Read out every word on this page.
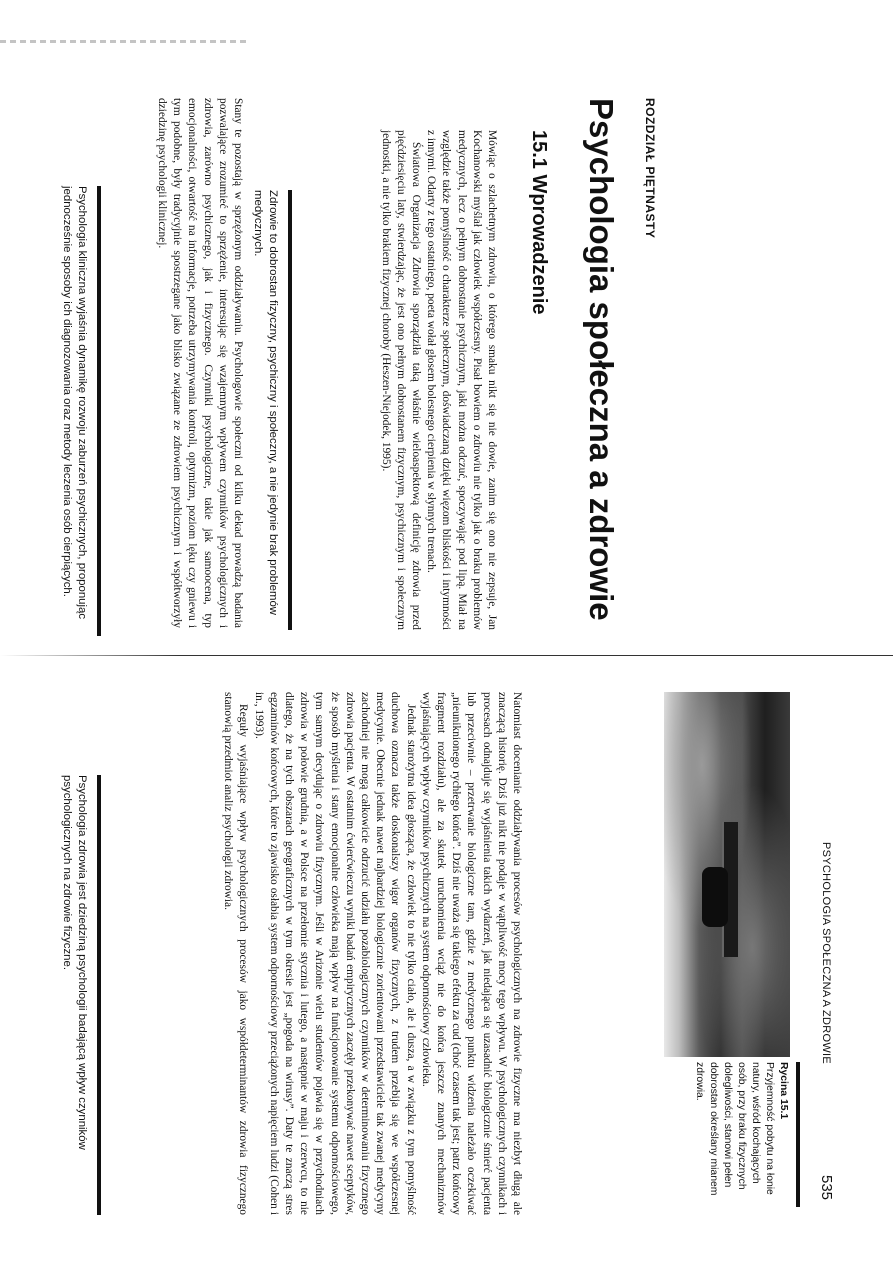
ROZDZIAŁ PIĘTNASTY
Psychologia społeczna a zdrowie
15.1 Wprowadzenie

Mówiąc o szlachetnym zdrowiu, o którego smaku nikt się nie dowie, zanim się ono nie zepsuje, Jan Kochanowski myślał jak człowiek współczesny. Pisał bowiem o zdrowiu nie tylko jak o braku problemów medycznych, lecz o pełnym dobrostanie psychicznym, jaki można odczuć, spoczywając pod lipą. Miał na względzie także pomyślność o charakterze społecznym, doświadczaną dzięki więzom bliskości i intymności z innymi. Odarty z tego ostatniego, poeta wołał głosem bolesnego cierpienia w słynnych trenach.

Światowa Organizacja Zdrowia sporządziła taką właśnie wieloaspektową definicję zdrowia przed pięćdziesięciu laty, stwierdzając, że jest ono pełnym dobrostanem fizycznym, psychicznym i społecznym jednostki, a nie tylko brakiem fizycznej choroby (Heszen-Niejodek, 1995).

Zdrowie to dobrostan fizyczny, psychiczny i społeczny, a nie jedynie brak problemów medycznych.

Stany te pozostają w sprzężonym oddziaływaniu. Psychologowie społeczni od kilku dekad prowadzą badania pozwalające zrozumieć to sprzężenie, interesując się wzajemnym wpływem czynników psychologicznych i zdrowia, zarówno psychicznego, jak i fizycznego. Czynniki psychologiczne, takie jak samoocena, typ emocjonalności, otwartość na informacje, potrzeba utrzymywania kontroli, optymizm, poziom lęku czy gniewu i tym podobne, były tradycyjnie spostrzegane jako blisko związane ze zdrowiem psychicznym i współtworzyły dziedzinę psychologii klinicznej.

Psychologia kliniczna wyjaśnia dynamikę rozwoju zaburzeń psychicznych, proponując jednocześnie sposoby ich diagnozowania oraz metody leczenia osób cierpiących.
PSYCHOLOGIA SPOŁECZNA A ZDROWIE
535
Rycina 15.1
Przyjemność pobytu na łonie natury, wśród kochających osób, przy braku fizycznych dolegliwości, stanowi pełen dobrostan określany mianem zdrowia.

Natomiast docenianie oddziaływania procesów psychologicznych na zdrowie fizyczne ma niezbyt długą ale znaczącą historię. Dziś już nikt nie podaje w wątpliwość mocy tego wpływu. W psychologicznych czynnikach i procesach odnajduje się wyjaśnienia takich wydarzeń, jak niedająca się uzasadnić biologicznie śmierć pacjenta lub przeciwnie – przetrwanie biologiczne tam, gdzie z medycznego punktu widzenia należało oczekiwać „nieuniknionego rychłego końca”. Dziś nie uważa się takiego efektu za cud (choć czasem tak jest; patrz końcowy fragment rozdziału), ale za skutek uruchomienia wciąż nie do końca jeszcze znanych mechanizmów wyjaśniających wpływ czynników psychicznych na system odpornościowy człowieka.

Jednak starożytna idea głosząca, że człowiek to nie tylko ciało, ale i dusza, a w związku z tym pomyślność duchowa oznacza także doskonalszy wigor organów fizycznych, z trudem przebija się we współczesnej medycynie. Obecnie jednak nawet najbardziej biologicznie zorientowani przedstawiciele tak zwanej medycyny zachodniej nie mogą całkowicie odrzucić udziału pozabiologicznych czynników w determinowaniu fizycznego zdrowia pacjenta. W ostatnim ćwierćwieczu wyniki badań empirycznych zaczęły przekonywać nawet sceptyków, że sposób myślenia i stany emocjonalne człowieka mają wpływ na funkcjonowanie systemu odpornościowego, tym samym decydując o zdrowiu fizycznym. Jeśli w Arizonie wielu studentów pojawia się w przychodniach zdrowia w połowie grudnia, a w Polsce na przełomie stycznia i lutego, a następnie w maju i czerwcu, to nie dlatego, że na tych obszarach geograficznych w tym okresie jest „pogoda na wirusy”. Daty te znaczą stres egzaminów końcowych, które to zjawisko osłabia system odpornościowy przeciążonych napięciem ludzi (Cohen i in., 1993).

Reguły wyjaśniające wpływ psychologicznych procesów jako współdeterminantów zdrowia fizycznego stanowią przedmiot analiz psychologii zdrowia.

Psychologia zdrowia jest dziedziną psychologii badającą wpływ czynników psychologicznych na zdrowie fizyczne.
